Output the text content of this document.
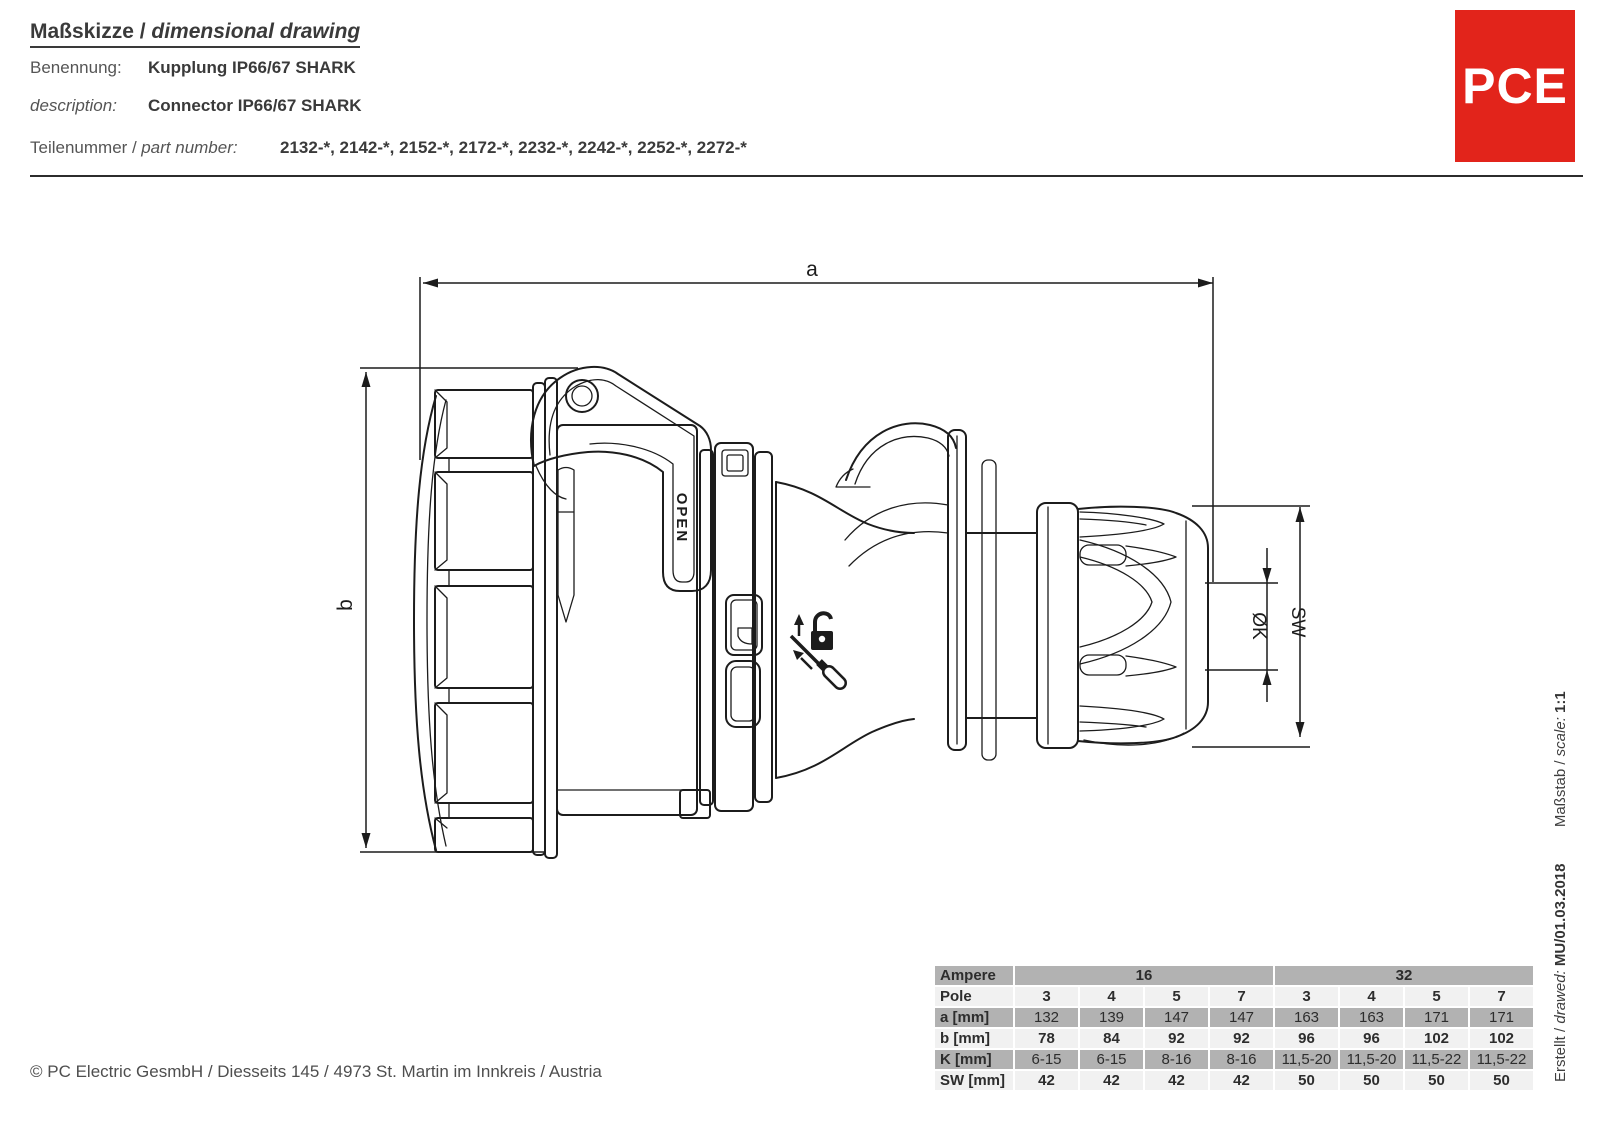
Maßskizze / dimensional drawing
Benennung: Kupplung IP66/67 SHARK
description: Connector IP66/67 SHARK
Teilenummer / part number: 2132-*, 2142-*, 2152-*, 2172-*, 2232-*, 2242-*, 2252-*, 2272-*
PCE
OPEN
a
b
SW
ØK
Ampere	16	32
Pole	3	4	5	7	3	4	5	7
a [mm]	132	139	147	147	163	163	171	171
b [mm]	78	84	92	92	96	96	102	102
K [mm]	6-15	6-15	8-16	8-16	11,5-20	11,5-20	11,5-22	11,5-22
SW [mm]	42	42	42	42	50	50	50	50	Erstellt / drawed: MU/01.03.2018  Maßstab / scale: 1:1
© PC Electric GesmbH / Diesseits 145 / 4973 St. Martin im Innkreis / Austria
